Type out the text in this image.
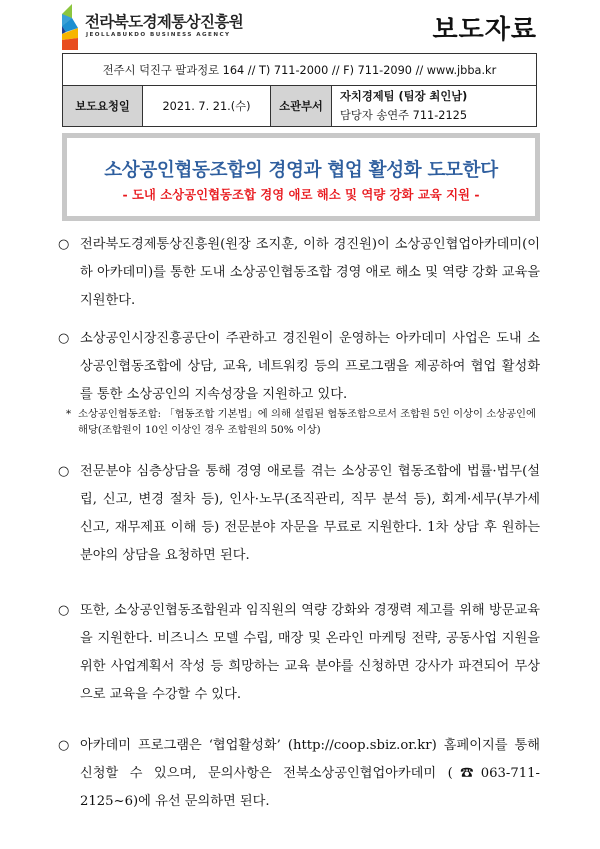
전라북도경제통상진흥원
JEOLLABUKDO BUSINESS AGENCY	보도자료
전주시 덕진구 팔과정로 164 // T) 711-2000 // F) 711-2090 // www.jbba.kr
보도요청일	2021. 7. 21.(수)	소관부서
자치경제팀 (팀장 최인남)
담당자 송연주 711-2125
소상공인협동조합의 경영과 협업 활성화 도모한다
- 도내 소상공인협동조합 경영 애로 해소 및 역량 강화 교육 지원 -
○ 전라북도경제통상진흥원(원장 조지훈, 이하 경진원)이 소상공인협업아카데미(이하 아카데미)를 통한 도내 소상공인협동조합 경영 애로 해소 및 역량 강화 교육을 지원한다.
○ 소상공인시장진흥공단이 주관하고 경진원이 운영하는 아카데미 사업은 도내 소상공인협동조합에 상담, 교육, 네트워킹 등의 프로그램을 제공하여 협업 활성화를 통한 소상공인의 지속성장을 지원하고 있다.
* 소상공인협동조합: 「협동조합 기본법」에 의해 설립된 협동조합으로서 조합원 5인 이상이 소상공인에 해당(조합원이 10인 이상인 경우 조합원의 50% 이상)
○ 전문분야 심층상담을 통해 경영 애로를 겪는 소상공인 협동조합에 법률·법무(설립, 신고, 변경 절차 등), 인사·노무(조직관리, 직무 분석 등), 회계·세무(부가세 신고, 재무제표 이해 등) 전문분야 자문을 무료로 지원한다. 1차 상담 후 원하는 분야의 상담을 요청하면 된다.
○ 또한, 소상공인협동조합원과 임직원의 역량 강화와 경쟁력 제고를 위해 방문교육을 지원한다. 비즈니스 모델 수립, 매장 및 온라인 마케팅 전략, 공동사업 지원을 위한 사업계획서 작성 등 희망하는 교육 분야를 신청하면 강사가 파견되어 무상으로 교육을 수강할 수 있다.
○ 아카데미 프로그램은 ‘협업활성화’ (http://coop.sbiz.or.kr) 홈페이지를 통해 신청할 수 있으며, 문의사항은 전북소상공인협업아카데미 (☎063-711-2125~6)에 유선 문의하면 된다.
